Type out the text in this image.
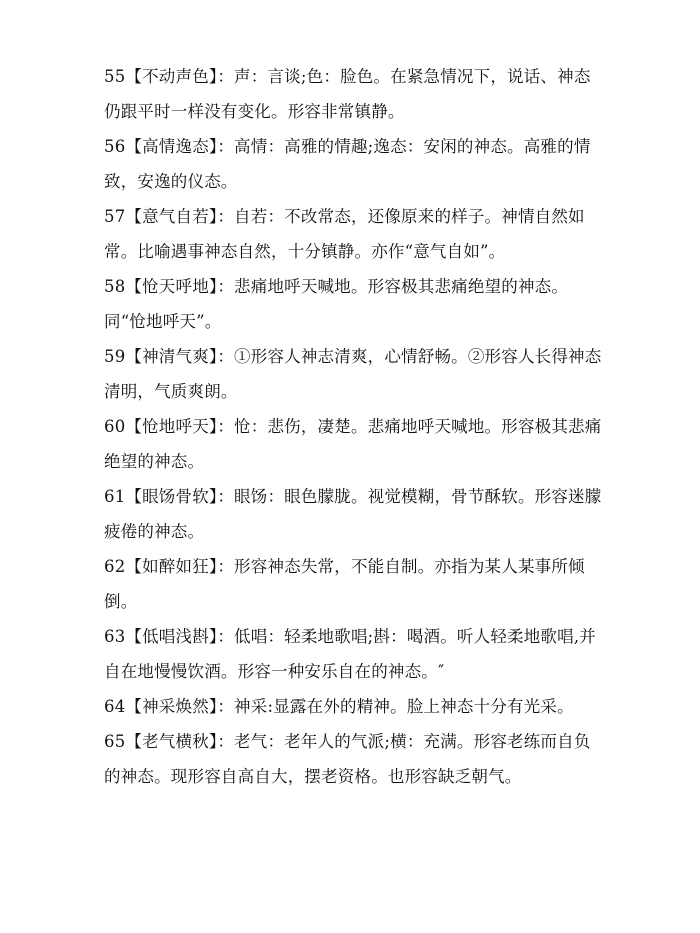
55【不动声色】：声：言谈;色：脸色。在紧急情况下，说话、神态仍跟平时一样没有变化。形容非常镇静。

56【高情逸态】：高情：高雅的情趣;逸态：安闲的神态。高雅的情致，安逸的仪态。

57【意气自若】：自若：不改常态，还像原来的样子。神情自然如常。比喻遇事神态自然，十分镇静。亦作“意气自如”。

58【怆天呼地】：悲痛地呼天喊地。形容极其悲痛绝望的神态。同“怆地呼天”。

59【神清气爽】：①形容人神志清爽，心情舒畅。②形容人长得神态清明，气质爽朗。

60【怆地呼天】：怆：悲伤，凄楚。悲痛地呼天喊地。形容极其悲痛绝望的神态。

61【眼饧骨软】：眼饧：眼色朦胧。视觉模糊，骨节酥软。形容迷朦疲倦的神态。

62【如醉如狂】：形容神态失常，不能自制。亦指为某人某事所倾倒。

63【低唱浅斟】：低唱：轻柔地歌唱;斟：喝酒。听人轻柔地歌唱,并自在地慢慢饮酒。形容一种安乐自在的神态。″

64【神采焕然】：神采:显露在外的精神。脸上神态十分有光采。

65【老气横秋】：老气：老年人的气派;横：充满。形容老练而自负的神态。现形容自高自大，摆老资格。也形容缺乏朝气。
